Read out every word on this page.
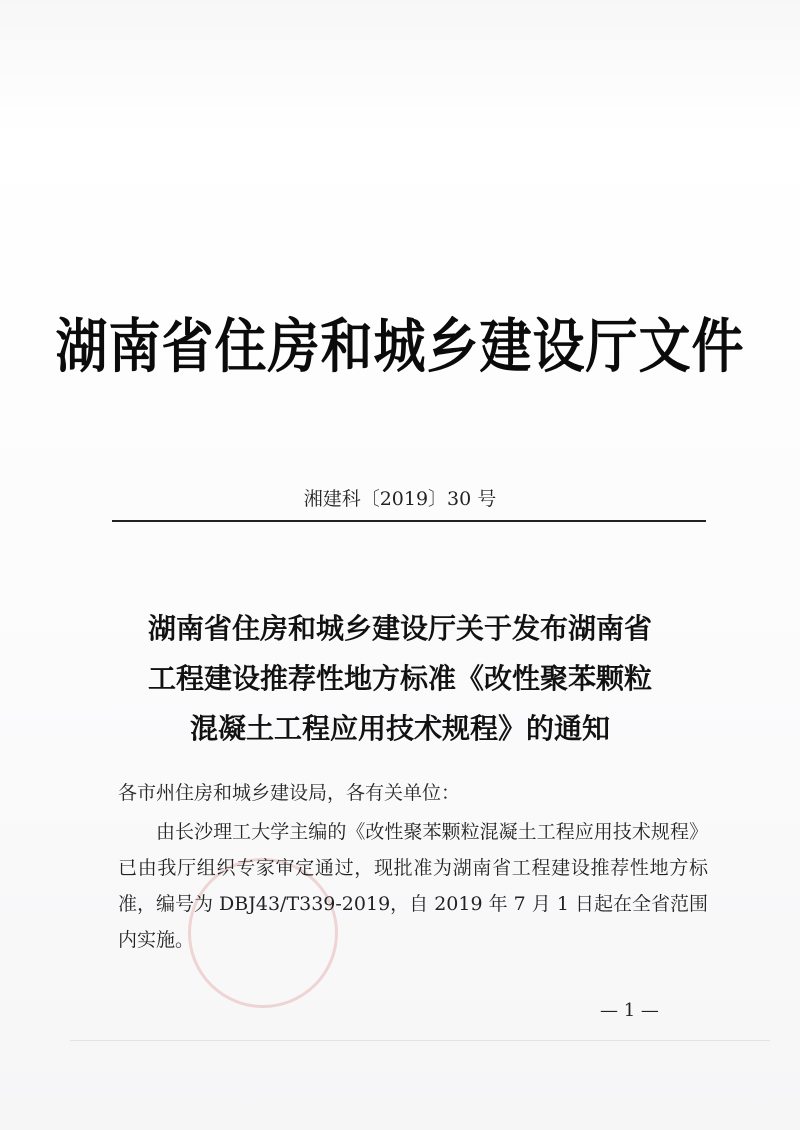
湖南省住房和城乡建设厅文件
湘建科〔2019〕30 号
湖南省住房和城乡建设厅关于发布湖南省
工程建设推荐性地方标准《改性聚苯颗粒
混凝土工程应用技术规程》的通知
各市州住房和城乡建设局，各有关单位：
由长沙理工大学主编的《改性聚苯颗粒混凝土工程应用技术规程》已由我厅组织专家审定通过，现批准为湖南省工程建设推荐性地方标准，编号为 DBJ43/T339-2019，自 2019 年 7 月 1 日起在全省范围内实施。
— 1 —
